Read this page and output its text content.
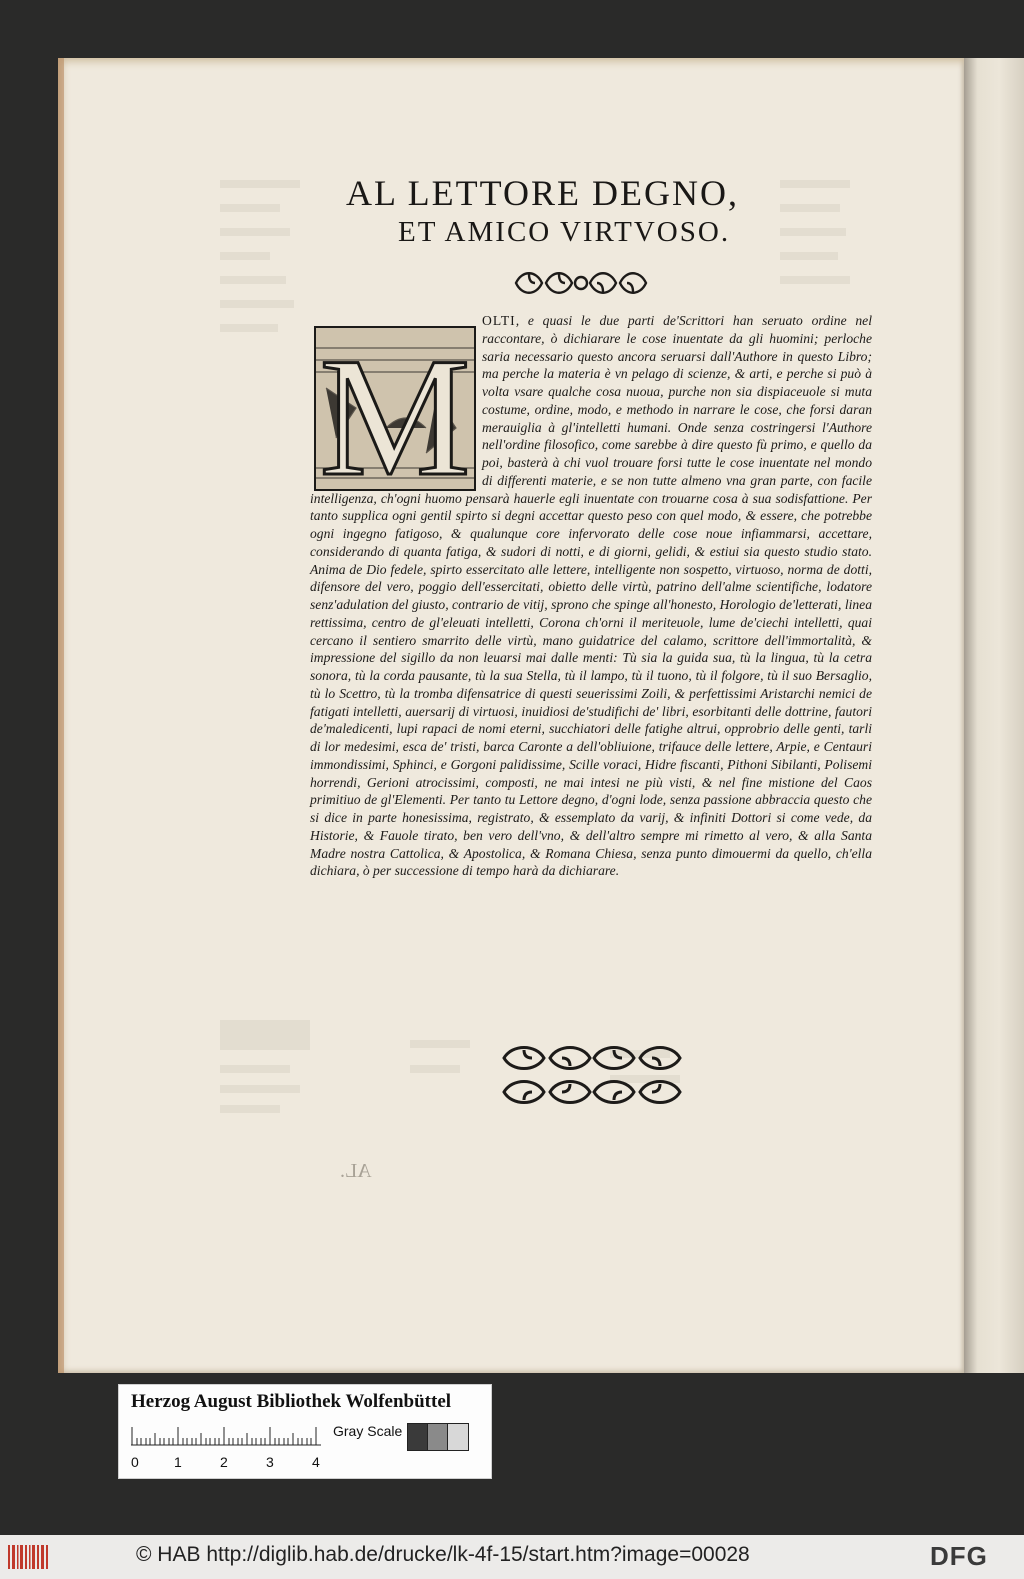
AL LETTORE DEGNO,
ET AMICO VIRTVOSO.
M
OLTI, e quasi le due parti de'Scrittori han seruato ordine nel raccontare, ò dichiarare le cose inuentate da gli huomini; perloche saria necessario questo ancora seruarsi dall'Authore in questo Libro; ma perche la materia è vn pelago di scienze, & arti, e perche si può à volta vsare qualche cosa nuoua, purche non sia dispiaceuole si muta costume, ordine, modo, e methodo in narrare le cose, che forsi daran merauiglia à gl'intelletti humani. Onde senza costringersi l'Authore nell'ordine filosofico, come sarebbe à dire questo fù primo, e quello da poi, basterà à chi vuol trouare forsi tutte le cose inuentate nel mondo di differenti materie, e se non tutte almeno vna gran parte, con facile intelligenza, ch'ogni huomo pensarà hauerle egli inuentate con trouarne cosa à sua sodisfattione. Per tanto supplica ogni gentil spirto si degni accettar questo peso con quel modo, & essere, che potrebbe ogni ingegno fatigoso, & qualunque core infervorato delle cose noue infiammarsi, accettare, considerando di quanta fatiga, & sudori di notti, e di giorni, gelidi, & estiui sia questo studio stato. Anima de Dio fedele, spirto essercitato alle lettere, intelligente non sospetto, virtuoso, norma de dotti, difensore del vero, poggio dell'essercitati, obietto delle virtù, patrino dell'alme scientifiche, lodatore senz'adulation del giusto, contrario de vitij, sprono che spinge all'honesto, Horologio de'letterati, linea rettissima, centro de gl'eleuati intelletti, Corona ch'orni il meriteuole, lume de'ciechi intelletti, quai cercano il sentiero smarrito delle virtù, mano guidatrice del calamo, scrittore dell'immortalità, & impressione del sigillo da non leuarsi mai dalle menti: Tù sia la guida sua, tù la lingua, tù la cetra sonora, tù la corda pausante, tù la sua Stella, tù il lampo, tù il tuono, tù il folgore, tù il suo Bersaglio, tù lo Scettro, tù la tromba difensatrice di questi seuerissimi Zoili, & perfettissimi Aristarchi nemici de fatigati intelletti, auersarij di virtuosi, inuidiosi de'studifichi de' libri, esorbitanti delle dottrine, fautori de'maledicenti, lupi rapaci de nomi eterni, succhiatori delle fatighe altrui, opprobrio delle genti, tarli di lor medesimi, esca de' tristi, barca Caronte a dell'obliuione, trifauce delle lettere, Arpie, e Centauri immondissimi, Sphinci, e Gorgoni palidissime, Scille voraci, Hidre fiscanti, Pithoni Sibilanti, Polisemi horrendi, Gerioni atrocissimi, composti, ne mai intesi ne più visti, & nel fine mistione del Caos primitiuo de gl'Elementi. Per tanto tu Lettore degno, d'ogni lode, senza passione abbraccia questo che si dice in parte honesissima, registrato, & essemplato da varij, & infiniti Dottori si come vede, da Historie, & Fauole tirato, ben vero dell'vno, & dell'altro sempre mi rimetto al vero, & alla Santa Madre nostra Cattolica, & Apostolica, & Romana Chiesa, senza punto dimouermi da quello, ch'ella dichiara, ò per successione di tempo harà da dichiarare.
AL.
Herzog August Bibliothek Wolfenbüttel
0	1	2	3	4
Gray Scale
© HAB http://diglib.hab.de/drucke/lk-4f-15/start.htm?image=00028	DFG
